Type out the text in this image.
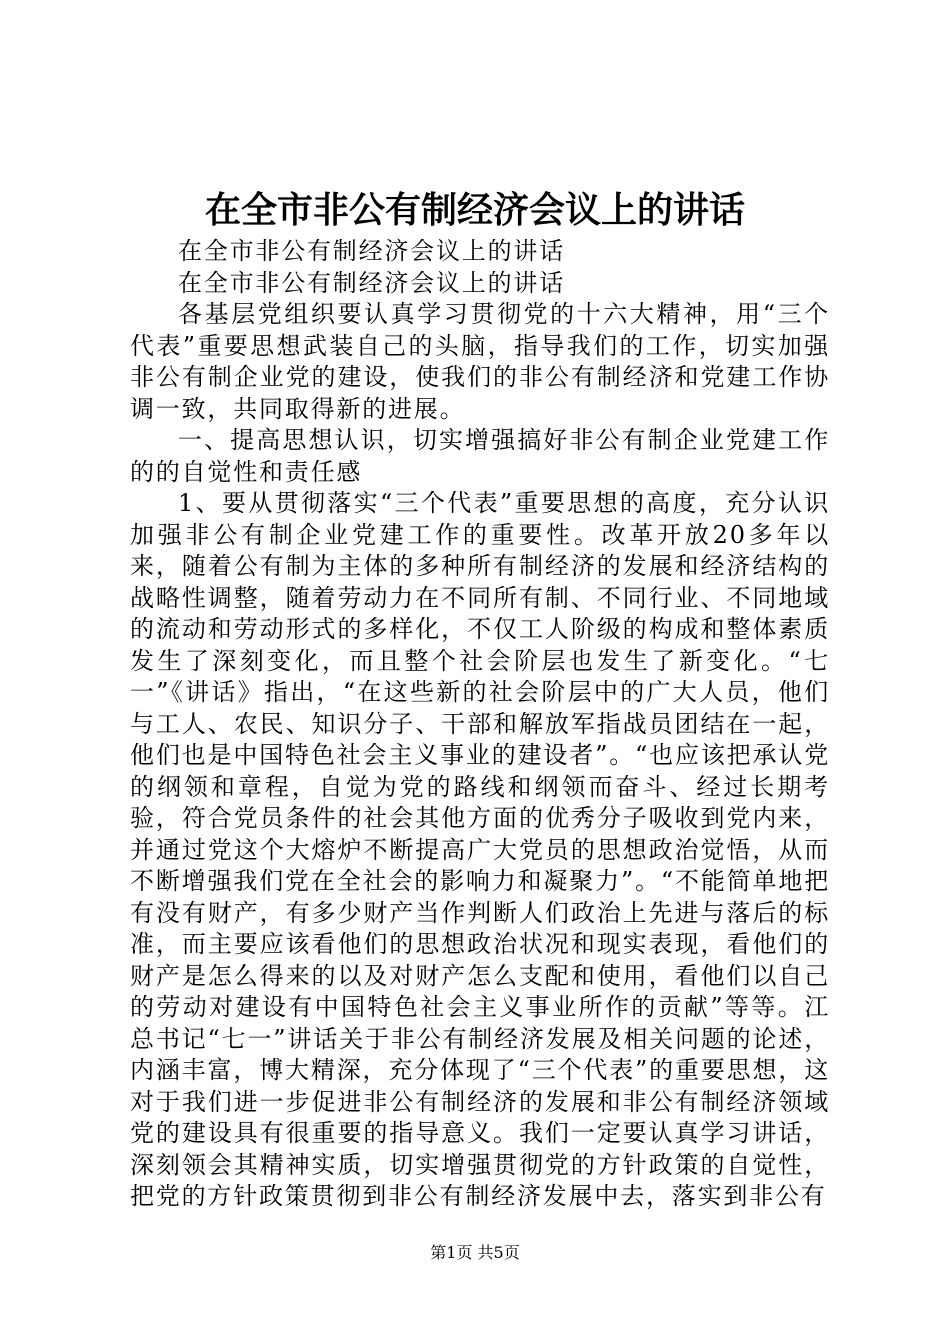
在全市非公有制经济会议上的讲话

在全市非公有制经济会议上的讲话

在全市非公有制经济会议上的讲话

各基层党组织要认真学习贯彻党的十六大精神，用“三个代表”重要思想武装自己的头脑，指导我们的工作，切实加强非公有制企业党的建设，使我们的非公有制经济和党建工作协调一致，共同取得新的进展。

一、提高思想认识，切实增强搞好非公有制企业党建工作的的自觉性和责任感

1、要从贯彻落实“三个代表”重要思想的高度，充分认识加强非公有制企业党建工作的重要性。改革开放20多年以来，随着公有制为主体的多种所有制经济的发展和经济结构的战略性调整，随着劳动力在不同所有制、不同行业、不同地域的流动和劳动形式的多样化，不仅工人阶级的构成和整体素质发生了深刻变化，而且整个社会阶层也发生了新变化。“七一”《讲话》指出，“在这些新的社会阶层中的广大人员，他们与工人、农民、知识分子、干部和解放军指战员团结在一起，他们也是中国特色社会主义事业的建设者”。“也应该把承认党的纲领和章程，自觉为党的路线和纲领而奋斗、经过长期考验，符合党员条件的社会其他方面的优秀分子吸收到党内来，并通过党这个大熔炉不断提高广大党员的思想政治觉悟，从而不断增强我们党在全社会的影响力和凝聚力”。“不能简单地把有没有财产，有多少财产当作判断人们政治上先进与落后的标准，而主要应该看他们的思想政治状况和现实表现，看他们的财产是怎么得来的以及对财产怎么支配和使用，看他们以自己的劳动对建设有中国特色社会主义事业所作的贡献”等等。江总书记“七一”讲话关于非公有制经济发展及相关问题的论述，内涵丰富，博大精深，充分体现了“三个代表”的重要思想，这对于我们进一步促进非公有制经济的发展和非公有制经济领域党的建设具有很重要的指导意义。我们一定要认真学习讲话，深刻领会其精神实质，切实增强贯彻党的方针政策的自觉性，把党的方针政策贯彻到非公有制经济发展中去，落实到非公有

第1页 共5页
